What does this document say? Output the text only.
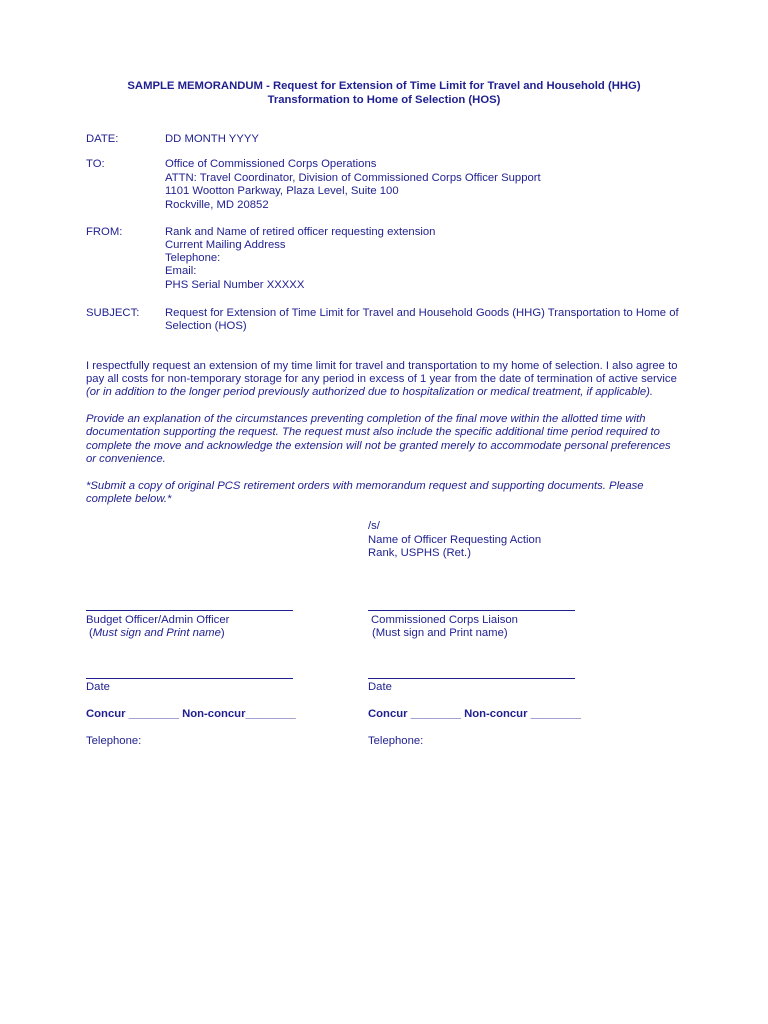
SAMPLE MEMORANDUM - Request for Extension of Time Limit for Travel and Household (HHG)
Transformation to Home of Selection (HOS)
DATE:	DD MONTH YYYY
TO:	Office of Commissioned Corps Operations
ATTN: Travel Coordinator, Division of Commissioned Corps Officer Support
1101 Wootton Parkway, Plaza Level, Suite 100
Rockville, MD 20852
FROM:	Rank and Name of retired officer requesting extension
Current Mailing Address
Telephone:
Email:
PHS Serial Number XXXXX
SUBJECT: Request for Extension of Time Limit for Travel and Household Goods (HHG) Transportation to Home of
Selection (HOS)
I respectfully request an extension of my time limit for travel and transportation to my home of selection. I also agree to
pay all costs for non-temporary storage for any period in excess of 1 year from the date of termination of active service
(or in addition to the longer period previously authorized due to hospitalization or medical treatment, if applicable).
Provide an explanation of the circumstances preventing completion of the final move within the allotted time with
documentation supporting the request. The request must also include the specific additional time period required to
complete the move and acknowledge the extension will not be granted merely to accommodate personal preferences
or convenience.
*Submit a copy of original PCS retirement orders with memorandum request and supporting documents. Please
complete below.*
/s/
Name of Officer Requesting Action
Rank, USPHS (Ret.)
Budget Officer/Admin Officer	Commissioned Corps Liaison
(Must sign and Print name)	(Must sign and Print name)
Date	Date
Concur ________ Non-concur________	Concur ________ Non-concur ________
Telephone:	Telephone:
